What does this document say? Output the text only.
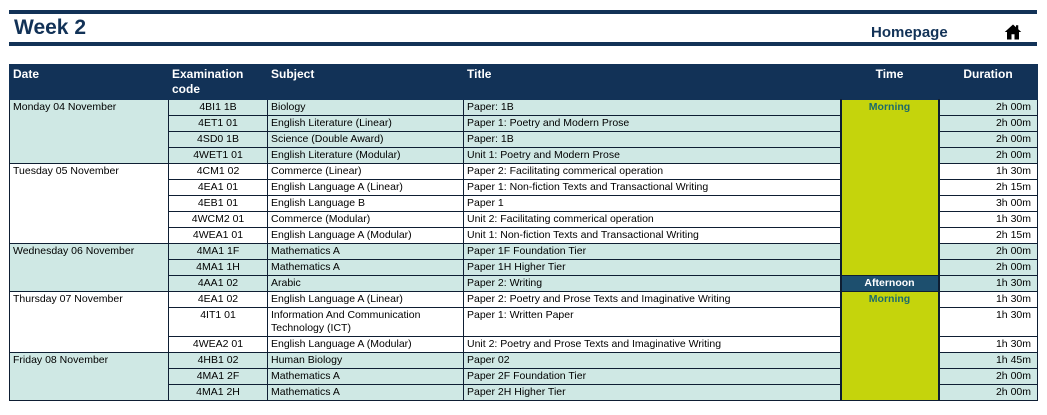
Week 2	Homepage
Date	Examination code	Subject	Title	Time	Duration
Monday 04 November	4BI1 1B	Biology	Paper: 1B	Morning	2h 00m
	4ET1 01	English Literature (Linear)	Paper 1: Poetry and Modern Prose		2h 00m
	4SD0 1B	Science (Double Award)	Paper: 1B		2h 00m
	4WET1 01	English Literature (Modular)	Unit 1: Poetry and Modern Prose		2h 00m
Tuesday 05 November	4CM1 02	Commerce (Linear)	Paper 2: Facilitating commerical operation		1h 30m
	4EA1 01	English Language A (Linear)	Paper 1: Non-fiction Texts and Transactional Writing		2h 15m
	4EB1 01	English Language B	Paper 1		3h 00m
	4WCM2 01	Commerce (Modular)	Unit 2: Facilitating commerical operation		1h 30m
	4WEA1 01	English Language A (Modular)	Unit 1: Non-fiction Texts and Transactional Writing		2h 15m
Wednesday 06 November	4MA1 1F	Mathematics A	Paper 1F Foundation Tier		2h 00m
	4MA1 1H	Mathematics A	Paper 1H Higher Tier		2h 00m
	4AA1 02	Arabic	Paper 2: Writing	Afternoon	1h 30m
Thursday 07 November	4EA1 02	English Language A (Linear)	Paper 2: Poetry and Prose Texts and Imaginative Writing	Morning	1h 30m
	4IT1 01	Information And Communication Technology (ICT)	Paper 1: Written Paper		1h 30m
	4WEA2 01	English Language A (Modular)	Unit 2: Poetry and Prose Texts and Imaginative Writing		1h 30m
Friday 08 November	4HB1 02	Human Biology	Paper 02		1h 45m
	4MA1 2F	Mathematics A	Paper 2F Foundation Tier		2h 00m
	4MA1 2H	Mathematics A	Paper 2H Higher Tier		2h 00m
